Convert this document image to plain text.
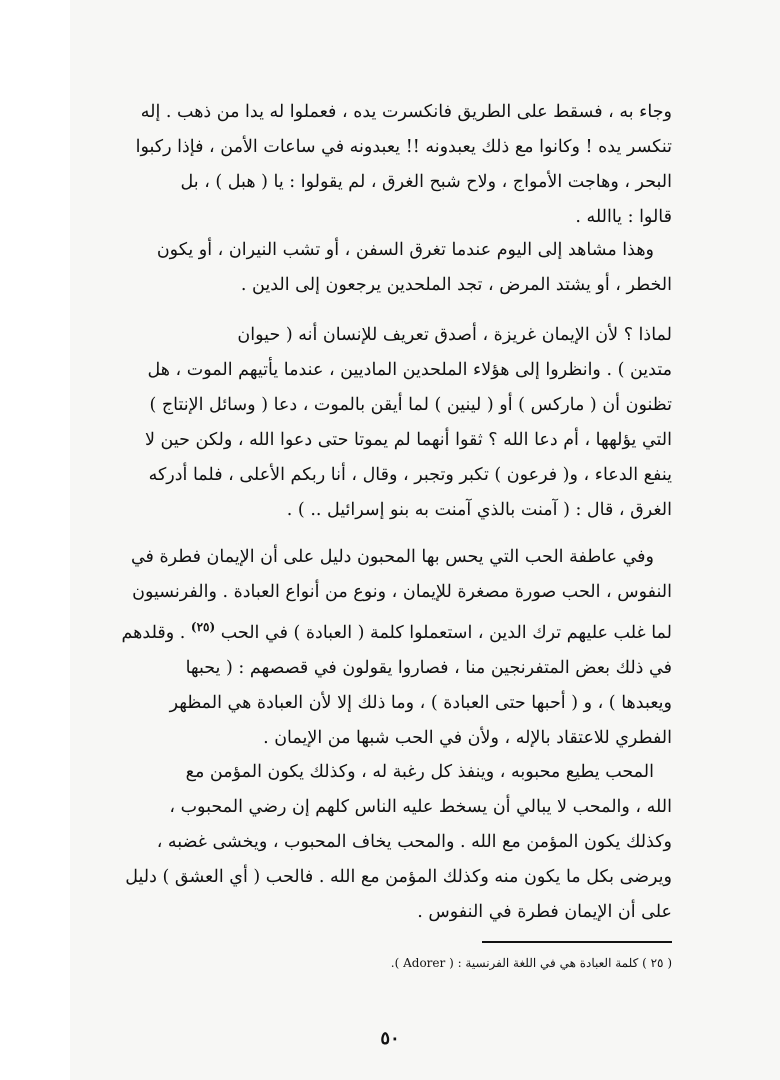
وجاء به ، فسقط على الطريق فانكسرت يده ، فعملوا له يدا من ذهب . إله
تنكسر يده ! وكانوا مع ذلك يعبدونه !! يعبدونه في ساعات الأمن ، فإذا ركبوا
البحر ، وهاجت الأمواج ، ولاح شبح الغرق ، لم يقولوا : يا ( هبل ) ، بل
قالوا : ياالله .

وهذا مشاهد إلى اليوم عندما تغرق السفن ، أو تشب النيران ، أو يكون
الخطر ، أو يشتد المرض ، تجد الملحدين يرجعون إلى الدين .

لماذا ؟ لأن الإيمان غريزة ، أصدق تعريف للإنسان أنه ( حيوان
متدين ) . وانظروا إلى هؤلاء الملحدين الماديين ، عندما يأتيهم الموت ، هل
تظنون أن ( ماركس ) أو ( لينين ) لما أيقن بالموت ، دعا ( وسائل الإنتاج )
التي يؤلهها ، أم دعا الله ؟ ثقوا أنهما لم يموتا حتى دعوا الله ، ولكن حين لا
ينفع الدعاء ، و( فرعون ) تكبر وتجبر ، وقال ، أنا ربكم الأعلى ، فلما أدركه
الغرق ، قال : ( آمنت بالذي آمنت به بنو إسرائيل .. ) .

وفي عاطفة الحب التي يحس بها المحبون دليل على أن الإيمان فطرة في
النفوس ، الحب صورة مصغرة للإيمان ، ونوع من أنواع العبادة . والفرنسيون
لما غلب عليهم ترك الدين ، استعملوا كلمة ( العبادة ) في الحب $^{(٢٥)}$ . وقلدهم
في ذلك بعض المتفرنجين منا ، فصاروا يقولون في قصصهم : ( يحبها
ويعبدها ) ، و ( أحبها حتى العبادة ) ، وما ذلك إلا لأن العبادة هي المظهر
الفطري للاعتقاد بالإله ، ولأن في الحب شبها من الإيمان .

المحب يطيع محبوبه ، وينفذ كل رغبة له ، وكذلك يكون المؤمن مع
الله ، والمحب لا يبالي أن يسخط عليه الناس كلهم إن رضي المحبوب ،
وكذلك يكون المؤمن مع الله . والمحب يخاف المحبوب ، ويخشى غضبه ،
ويرضى بكل ما يكون منه وكذلك المؤمن مع الله . فالحب ( أي العشق ) دليل
على أن الإيمان فطرة في النفوس .

( ٢٥ ) كلمة العبادة هي في اللغة الفرنسية : ( Adorer ).
٥٠
